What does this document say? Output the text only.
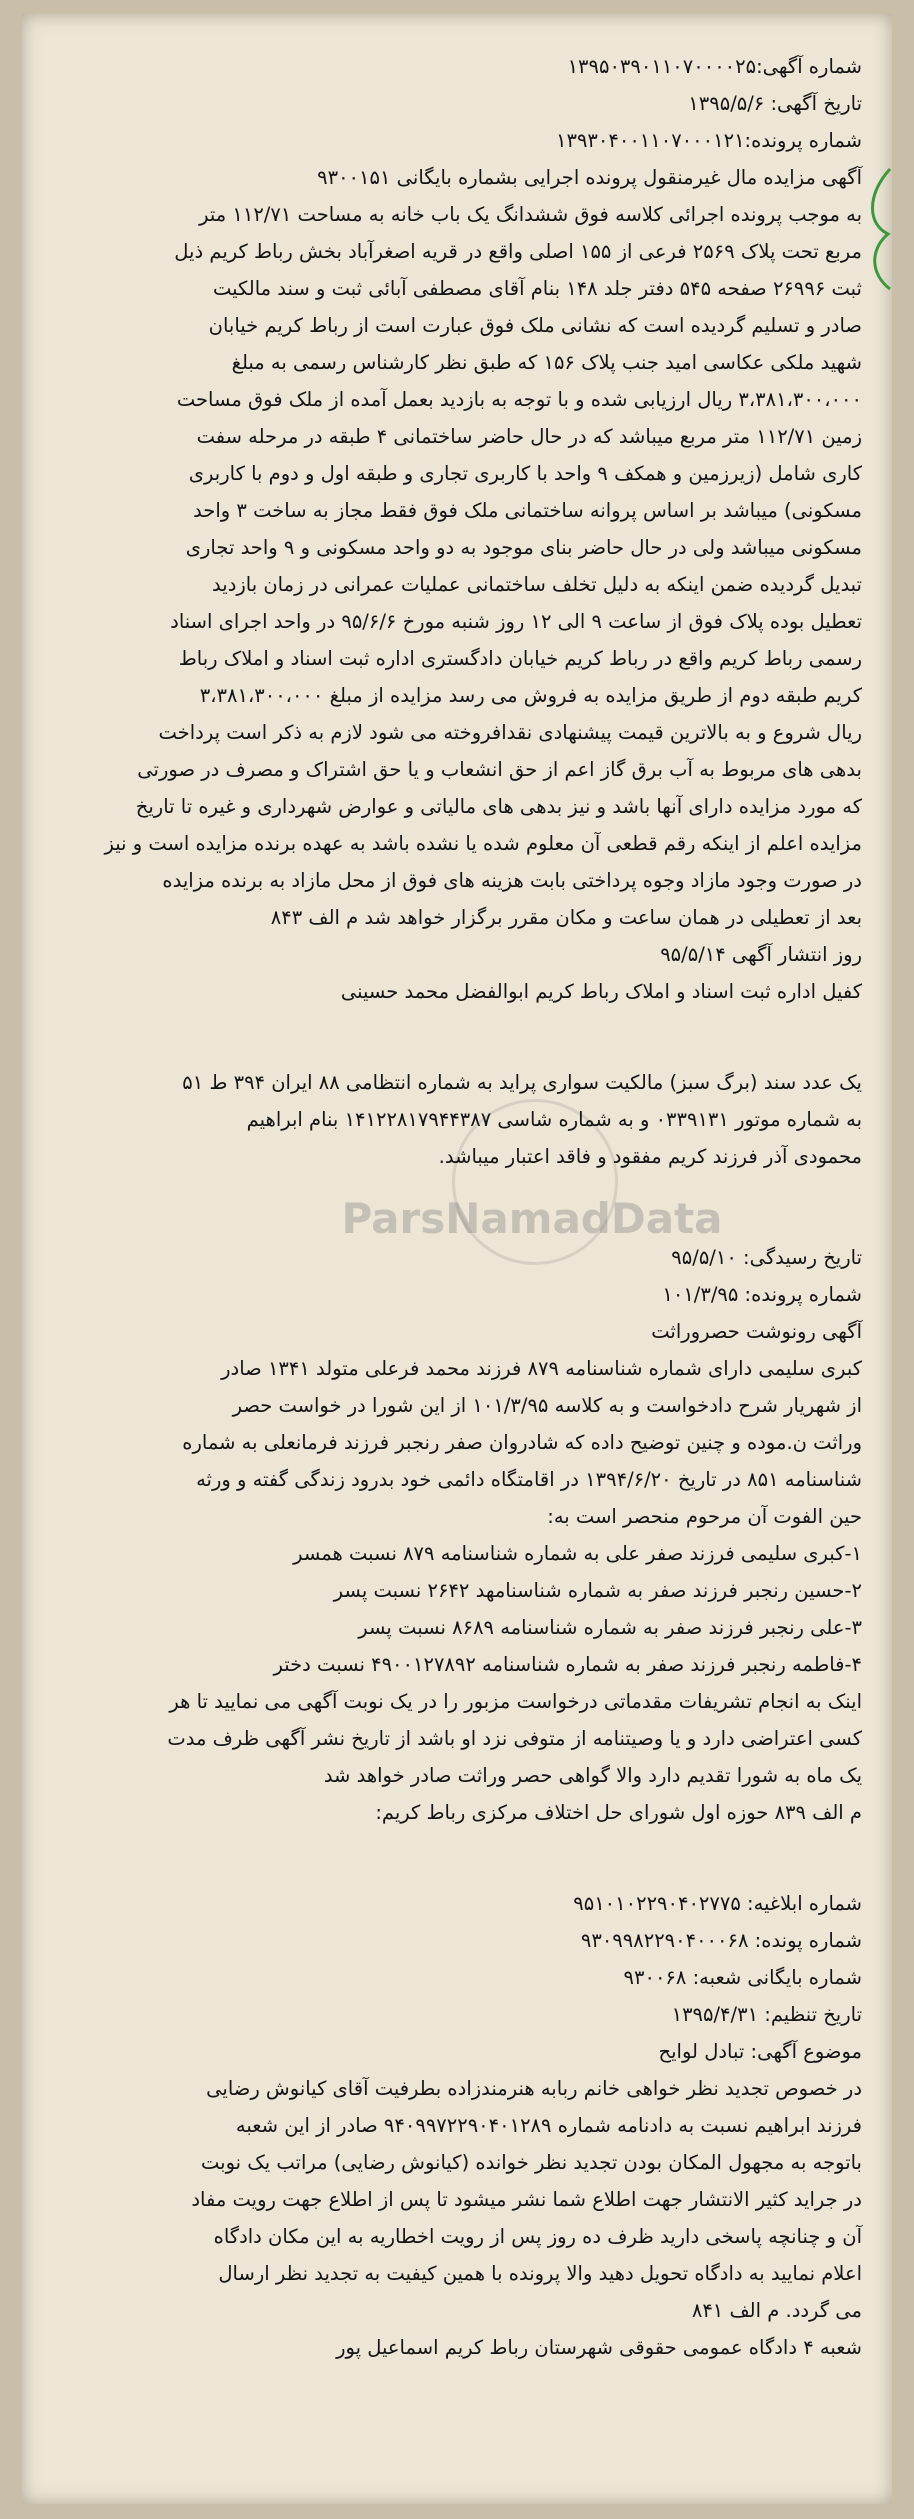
ParsNamadData

شماره آگهی:۱۳۹۵۰۳۹۰۱۱۰۷۰۰۰۰۲۵

تاریخ آگهی: ۱۳۹۵/۵/۶

شماره پرونده:۱۳۹۳۰۴۰۰۱۱۰۷۰۰۰۱۲۱

آگهی مزایده مال غیرمنقول پرونده اجرایی بشماره بایگانی ۹۳۰۰۱۵۱

به موجب پرونده اجرائی کلاسه فوق ششدانگ یک باب خانه به مساحت ۱۱۲/۷۱ متر

مربع تحت پلاک ۲۵۶۹ فرعی از ۱۵۵ اصلی واقع در قریه اصغرآباد بخش رباط کریم ذیل

ثبت ۲۶۹۹۶ صفحه ۵۴۵ دفتر جلد ۱۴۸ بنام آقای مصطفی آبائی ثبت و سند مالکیت

صادر و تسلیم گردیده است که نشانی ملک فوق عبارت است از رباط کریم خیابان

شهید ملکی عکاسی امید جنب پلاک ۱۵۶ که طبق نظر کارشناس رسمی به مبلغ

۳،۳۸۱،۳۰۰،۰۰۰ ریال ارزیابی شده و با توجه به بازدید بعمل آمده از ملک فوق مساحت

زمین ۱۱۲/۷۱ متر مربع میباشد که در حال حاضر ساختمانی ۴ طبقه در مرحله سفت

کاری شامل (زیرزمین و همکف ۹ واحد با کاربری تجاری و طبقه اول و دوم با کاربری

مسکونی) میباشد بر اساس پروانه ساختمانی ملک فوق فقط مجاز به ساخت ۳ واحد

مسکونی میباشد ولی در حال حاضر بنای موجود به دو واحد مسکونی و ۹ واحد تجاری

تبدیل گردیده ضمن اینکه به دلیل تخلف ساختمانی عملیات عمرانی در زمان بازدید

تعطیل بوده پلاک فوق از ساعت ۹ الی ۱۲ روز شنبه مورخ ۹۵/۶/۶ در واحد اجرای اسناد

رسمی رباط کریم واقع در رباط کریم خیابان دادگستری اداره ثبت اسناد و املاک رباط

کریم طبقه دوم از طریق مزایده به فروش می رسد مزایده از مبلغ ۳،۳۸۱،۳۰۰،۰۰۰

ریال شروع و به بالاترین قیمت پیشنهادی نقدافروخته می شود لازم به ذکر است پرداخت

بدهی های مربوط به آب برق گاز اعم از حق انشعاب و یا حق اشتراک و مصرف در صورتی

که مورد مزایده دارای آنها باشد و نیز بدهی های مالیاتی و عوارض شهرداری و غیره تا تاریخ

مزایده اعلم از اینکه رقم قطعی آن معلوم شده یا نشده باشد به عهده برنده مزایده است و نیز

در صورت وجود مازاد وجوه پرداختی بابت هزینه های فوق از محل مازاد به برنده مزایده

بعد از تعطیلی در همان ساعت و مکان مقرر برگزار خواهد شد م الف ۸۴۳

روز انتشار آگهی ۹۵/۵/۱۴

کفیل اداره ثبت اسناد و املاک رباط کریم ابوالفضل محمد حسینی

یک عدد سند (برگ سبز) مالکیت سواری پراید به شماره انتظامی ۸۸ ایران ۳۹۴ ط ۵۱

به شماره موتور ۰۳۳۹۱۳۱ و به شماره شاسی ۱۴۱۲۲۸۱۷۹۴۴۳۸۷ بنام ابراهیم

محمودی آذر فرزند کریم مفقود و فاقد اعتبار میباشد.

تاریخ رسیدگی: ۹۵/۵/۱۰

شماره پرونده: ۱۰۱/۳/۹۵

آگهی رونوشت حصروراثت

کبری سلیمی دارای شماره شناسنامه ۸۷۹ فرزند محمد فرعلی متولد ۱۳۴۱ صادر

از شهریار شرح دادخواست و به کلاسه ۱۰۱/۳/۹۵ از این شورا در خواست حصر

وراثت ن.موده و چنین توضیح داده که شادروان صفر رنجبر فرزند فرمانعلی به شماره

شناسنامه ۸۵۱ در تاریخ ۱۳۹۴/۶/۲۰ در اقامتگاه دائمی خود بدرود زندگی گفته و ورثه

حین الفوت آن مرحوم منحصر است به:

۱-کبری سلیمی فرزند صفر علی به شماره شناسنامه ۸۷۹ نسبت همسر

۲-حسین رنجبر فرزند صفر به شماره شناسنامهد ۲۶۴۲ نسبت پسر

۳-علی رنجبر فرزند صفر به شماره شناسنامه ۸۶۸۹ نسبت پسر

۴-فاطمه رنجبر فرزند صفر به شماره شناسنامه ۴۹۰۰۱۲۷۸۹۲ نسبت دختر

اینک به انجام تشریفات مقدماتی درخواست مزبور را در یک نوبت آگهی می نمایید تا هر

کسی اعتراضی دارد و یا وصیتنامه از متوفی نزد او باشد از تاریخ نشر آگهی ظرف مدت

یک ماه به شورا تقدیم دارد والا گواهی حصر وراثت صادر خواهد شد

م الف ۸۳۹ حوزه اول شورای حل اختلاف مرکزی رباط کریم:

شماره ابلاغیه: ۹۵۱۰۱۰۲۲۹۰۴۰۲۷۷۵

شماره پونده: ۹۳۰۹۹۸۲۲۹۰۴۰۰۰۶۸

شماره بایگانی شعبه: ۹۳۰۰۶۸

تاریخ تنظیم: ۱۳۹۵/۴/۳۱

موضوع آگهی: تبادل لوایح

در خصوص تجدید نظر خواهی خانم ربابه هنرمندزاده بطرفیت آقای کیانوش رضایی

فرزند ابراهیم نسبت به دادنامه شماره ۹۴۰۹۹۷۲۲۹۰۴۰۱۲۸۹ صادر از این شعبه

باتوجه به مجهول المکان بودن تجدید نظر خوانده (کیانوش رضایی) مراتب یک نوبت

در جراید کثیر الانتشار جهت اطلاع شما نشر میشود تا پس از اطلاع جهت رویت مفاد

آن و چنانچه پاسخی دارید ظرف ده روز پس از رویت اخطاریه به این مکان دادگاه

اعلام نمایید به دادگاه تحویل دهید والا پرونده با همین کیفیت به تجدید نظر ارسال

می گردد. م الف ۸۴۱

شعبه ۴ دادگاه عمومی حقوقی شهرستان رباط کریم اسماعیل پور
